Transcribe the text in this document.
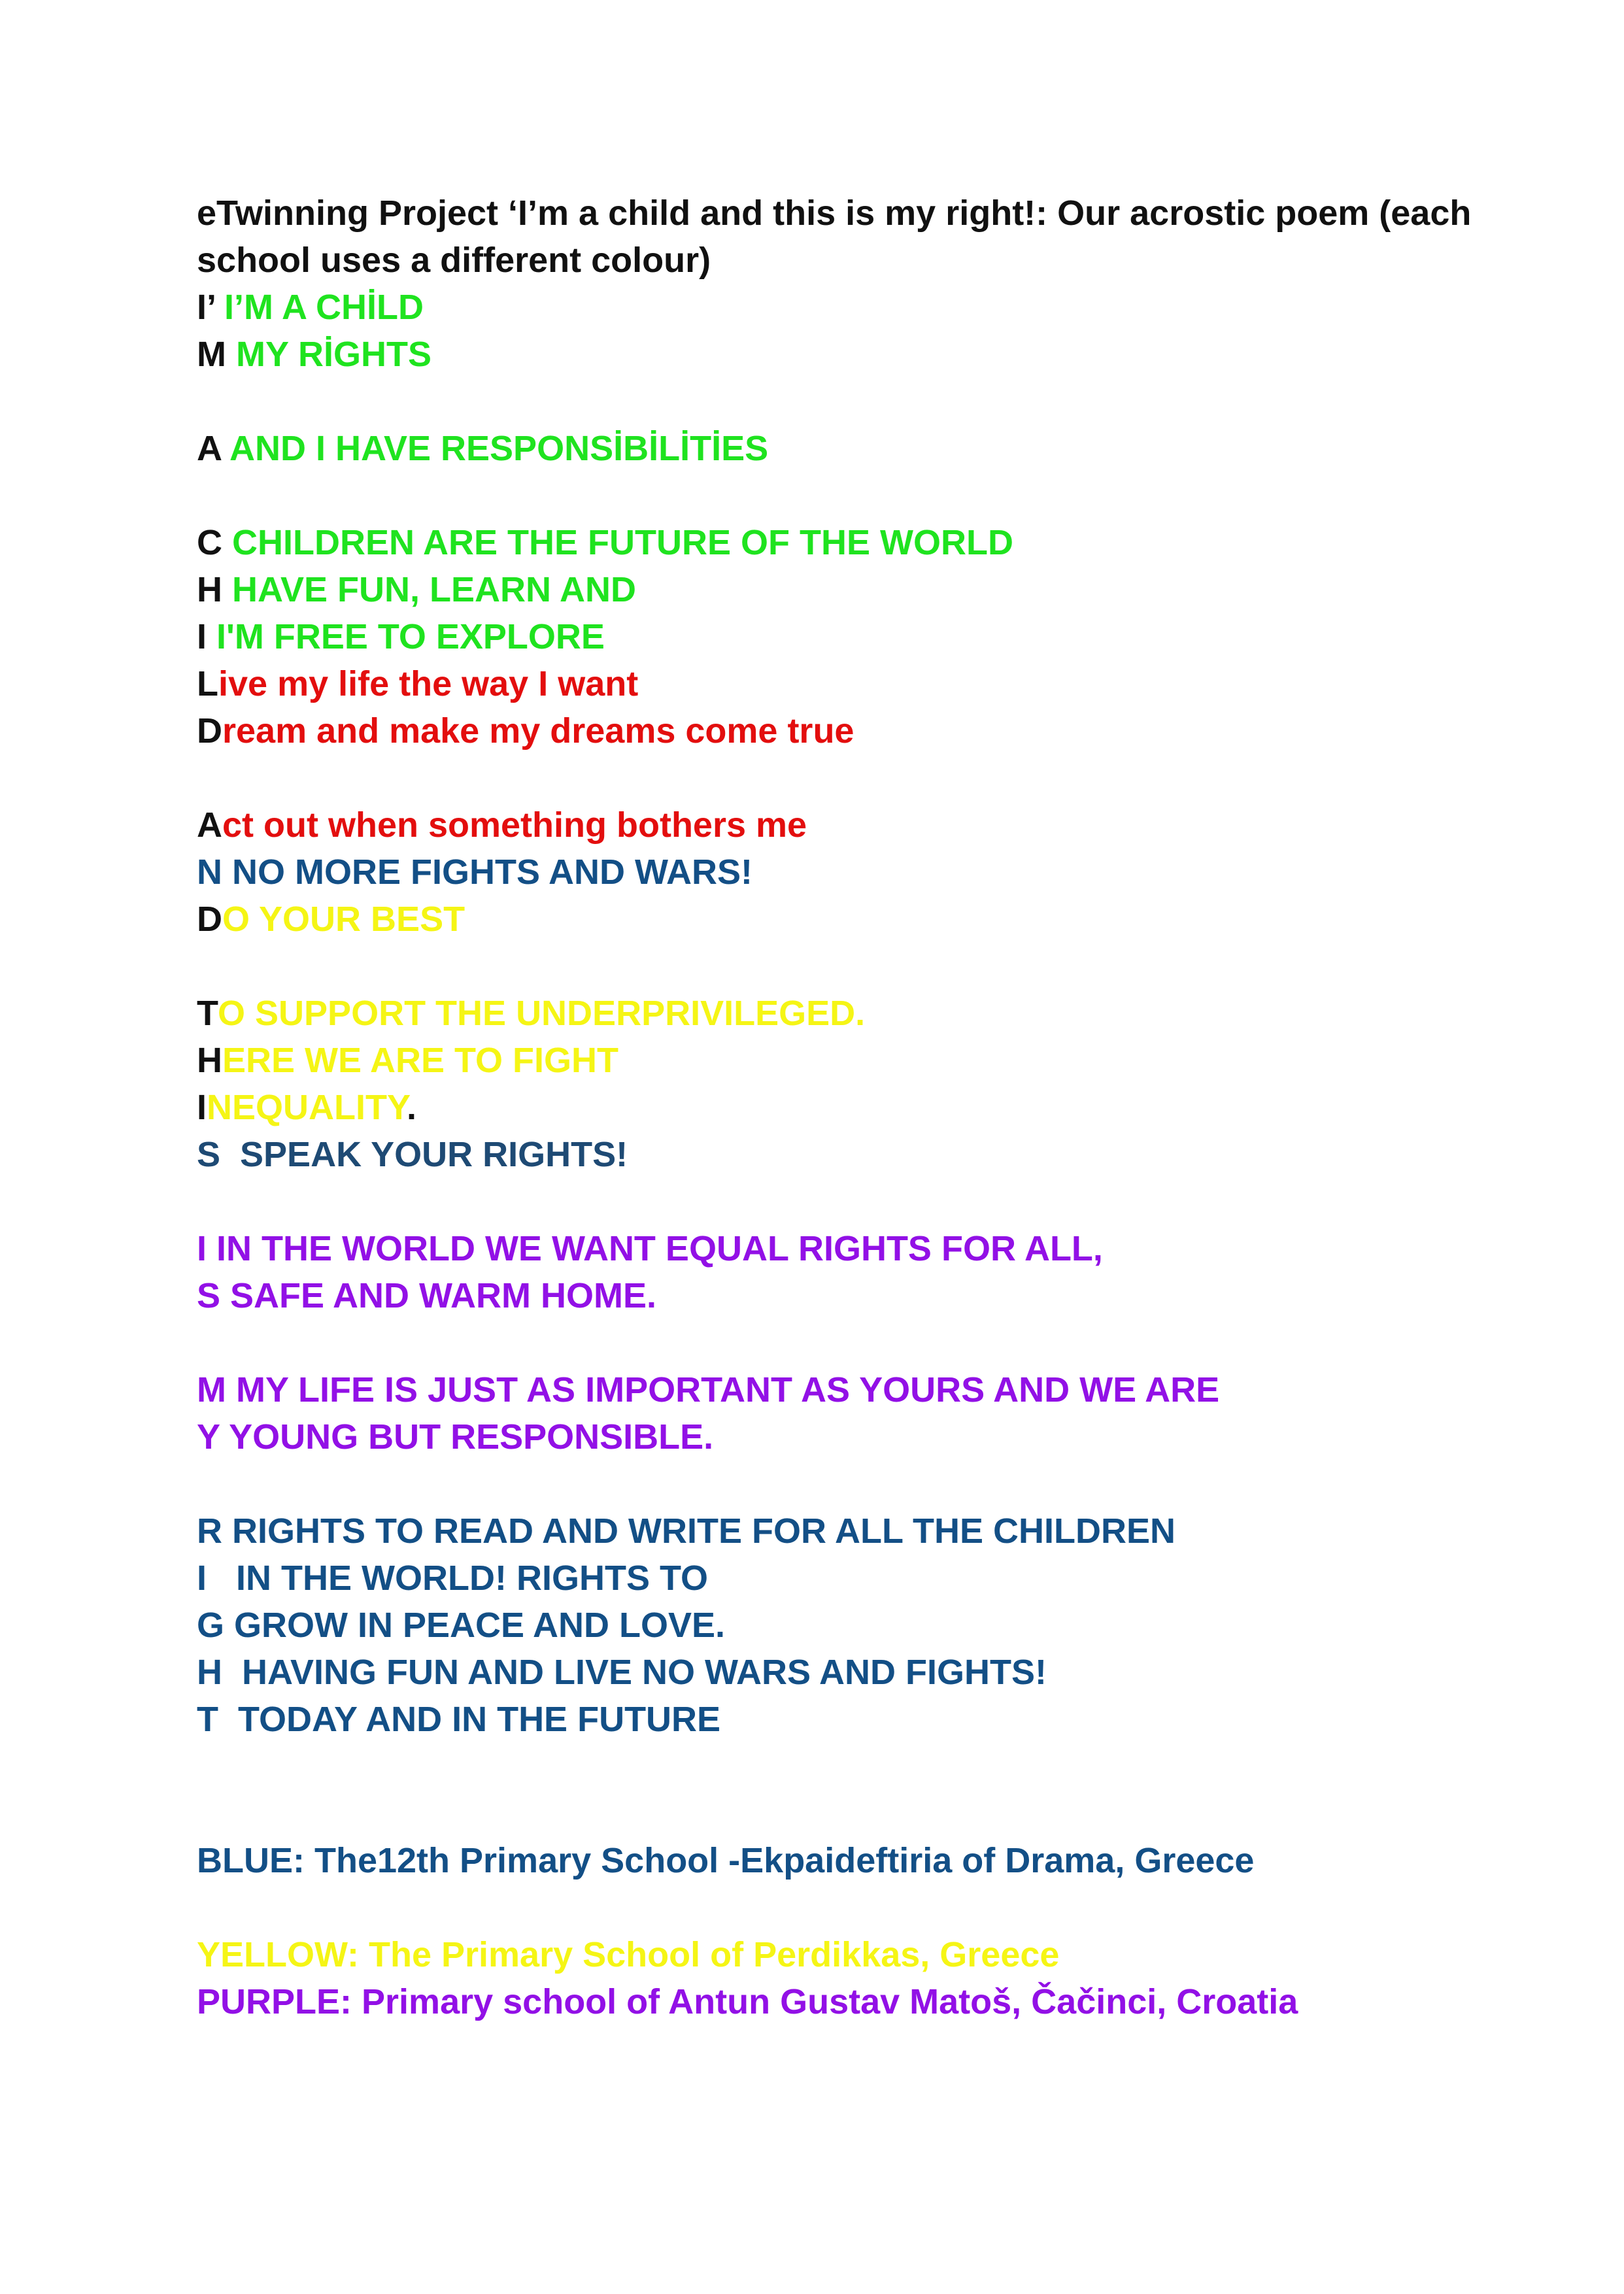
eTwinning Project ‘I’m a child and this is my right!: Our acrostic poem (each school uses a different colour)
I’ I’M A CHİLD
M MY RİGHTS
A AND I HAVE RESPONSİBİLİTİES
C CHILDREN ARE THE FUTURE OF THE WORLD
H HAVE FUN, LEARN AND
I I'M FREE TO EXPLORE
Live my life the way I want
Dream and make my dreams come true
Act out when something bothers me
N NO MORE FIGHTS AND WARS!
DO YOUR BEST
TO SUPPORT THE UNDERPRIVILEGED.
HERE WE ARE TO FIGHT
INEQUALITY.
S  SPEAK YOUR RIGHTS!
I IN THE WORLD WE WANT EQUAL RIGHTS FOR ALL,
S SAFE AND WARM HOME.
M MY LIFE IS JUST AS IMPORTANT AS YOURS AND WE ARE
Y YOUNG BUT RESPONSIBLE.
R RIGHTS TO READ AND WRITE FOR ALL THE CHILDREN
I   IN THE WORLD! RIGHTS TO
G GROW IN PEACE AND LOVE.
H  HAVING FUN AND LIVE NO WARS AND FIGHTS!
T  TODAY AND IN THE FUTURE
BLUE: The12th Primary School -Ekpaideftiria of Drama, Greece
YELLOW: The Primary School of Perdikkas, Greece
PURPLE: Primary school of Antun Gustav Matoš, Čačinci, Croatia
